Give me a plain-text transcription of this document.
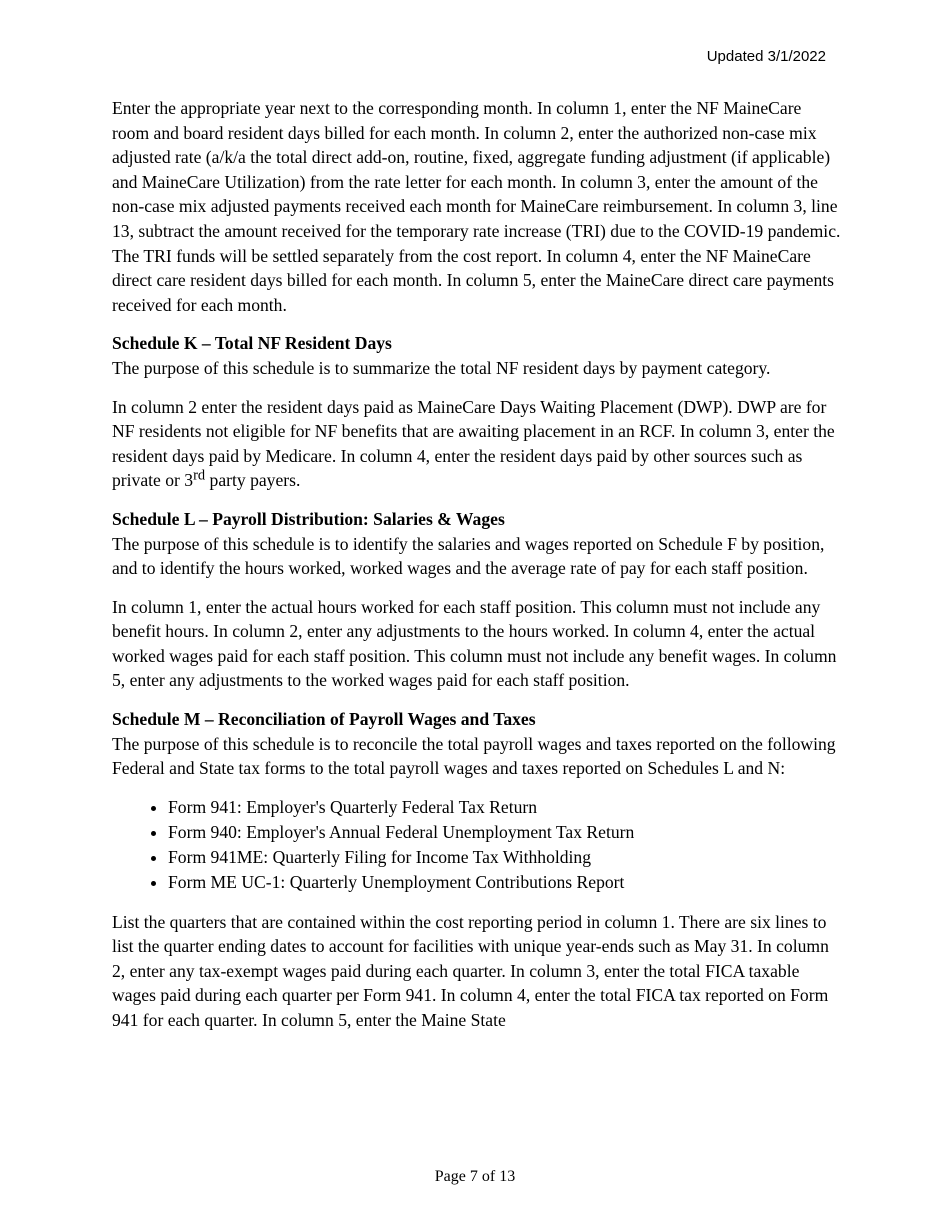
Updated 3/1/2022

Enter the appropriate year next to the corresponding month. In column 1, enter the NF MaineCare room and board resident days billed for each month. In column 2, enter the authorized non-case mix adjusted rate (a/k/a the total direct add-on, routine, fixed, aggregate funding adjustment (if applicable) and MaineCare Utilization) from the rate letter for each month. In column 3, enter the amount of the non-case mix adjusted payments received each month for MaineCare reimbursement. In column 3, line 13, subtract the amount received for the temporary rate increase (TRI) due to the COVID-19 pandemic. The TRI funds will be settled separately from the cost report. In column 4, enter the NF MaineCare direct care resident days billed for each month. In column 5, enter the MaineCare direct care payments received for each month.

Schedule K – Total NF Resident Days
The purpose of this schedule is to summarize the total NF resident days by payment category.

In column 2 enter the resident days paid as MaineCare Days Waiting Placement (DWP). DWP are for NF residents not eligible for NF benefits that are awaiting placement in an RCF. In column 3, enter the resident days paid by Medicare. In column 4, enter the resident days paid by other sources such as private or 3rd party payers.

Schedule L – Payroll Distribution: Salaries & Wages
The purpose of this schedule is to identify the salaries and wages reported on Schedule F by position, and to identify the hours worked, worked wages and the average rate of pay for each staff position.

In column 1, enter the actual hours worked for each staff position. This column must not include any benefit hours. In column 2, enter any adjustments to the hours worked. In column 4, enter the actual worked wages paid for each staff position. This column must not include any benefit wages. In column 5, enter any adjustments to the worked wages paid for each staff position.

Schedule M – Reconciliation of Payroll Wages and Taxes
The purpose of this schedule is to reconcile the total payroll wages and taxes reported on the following Federal and State tax forms to the total payroll wages and taxes reported on Schedules L and N:

• Form 941: Employer's Quarterly Federal Tax Return
• Form 940: Employer's Annual Federal Unemployment Tax Return
• Form 941ME: Quarterly Filing for Income Tax Withholding
• Form ME UC-1: Quarterly Unemployment Contributions Report

List the quarters that are contained within the cost reporting period in column 1. There are six lines to list the quarter ending dates to account for facilities with unique year-ends such as May 31. In column 2, enter any tax-exempt wages paid during each quarter. In column 3, enter the total FICA taxable wages paid during each quarter per Form 941. In column 4, enter the total FICA tax reported on Form 941 for each quarter. In column 5, enter the Maine State

Page 7 of 13
